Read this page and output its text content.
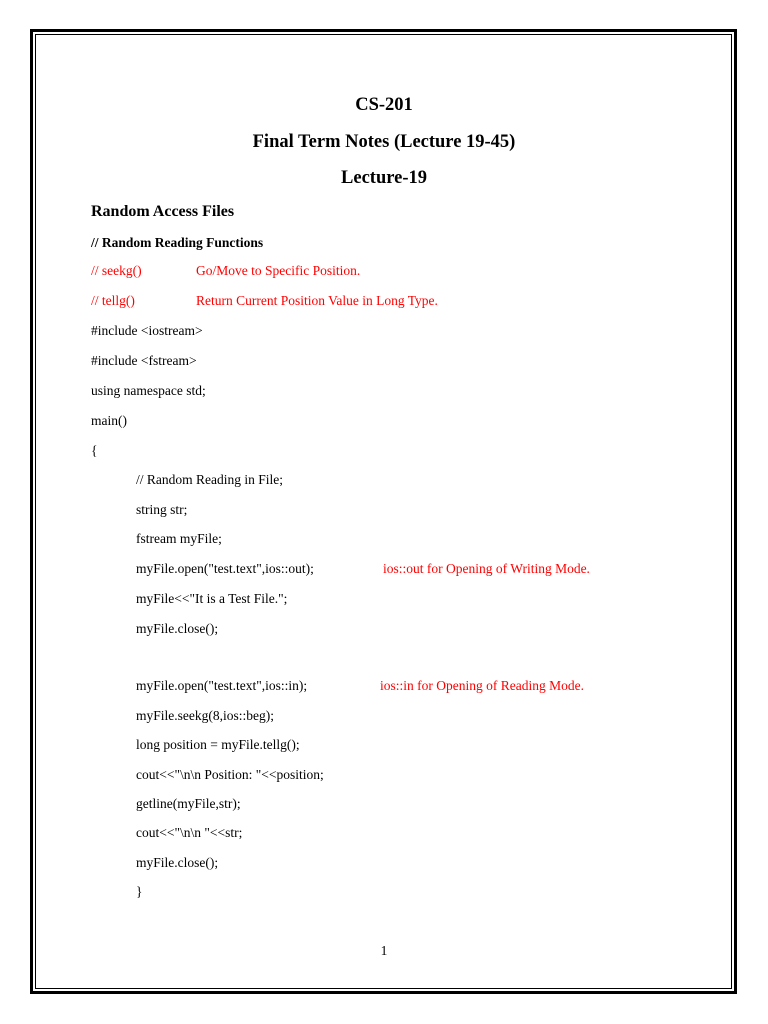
CS-201
Final Term Notes (Lecture 19-45)
Lecture-19
Random Access Files
// Random Reading Functions
// seekg()	Go/Move to Specific Position.
// tellg()	Return Current Position Value in Long Type.
#include <iostream>
#include <fstream>
using namespace std;
main()
{
// Random Reading in File;
string str;
fstream myFile;
myFile.open("test.text",ios::out);	ios::out for Opening of Writing Mode.
myFile<<"It is a Test File.";
myFile.close();
myFile.open("test.text",ios::in);	ios::in for Opening of Reading Mode.
myFile.seekg(8,ios::beg);
long position = myFile.tellg();
cout<<"\n\n Position: "<<position;
getline(myFile,str);
cout<<"\n\n "<<str;
myFile.close();
}
1
